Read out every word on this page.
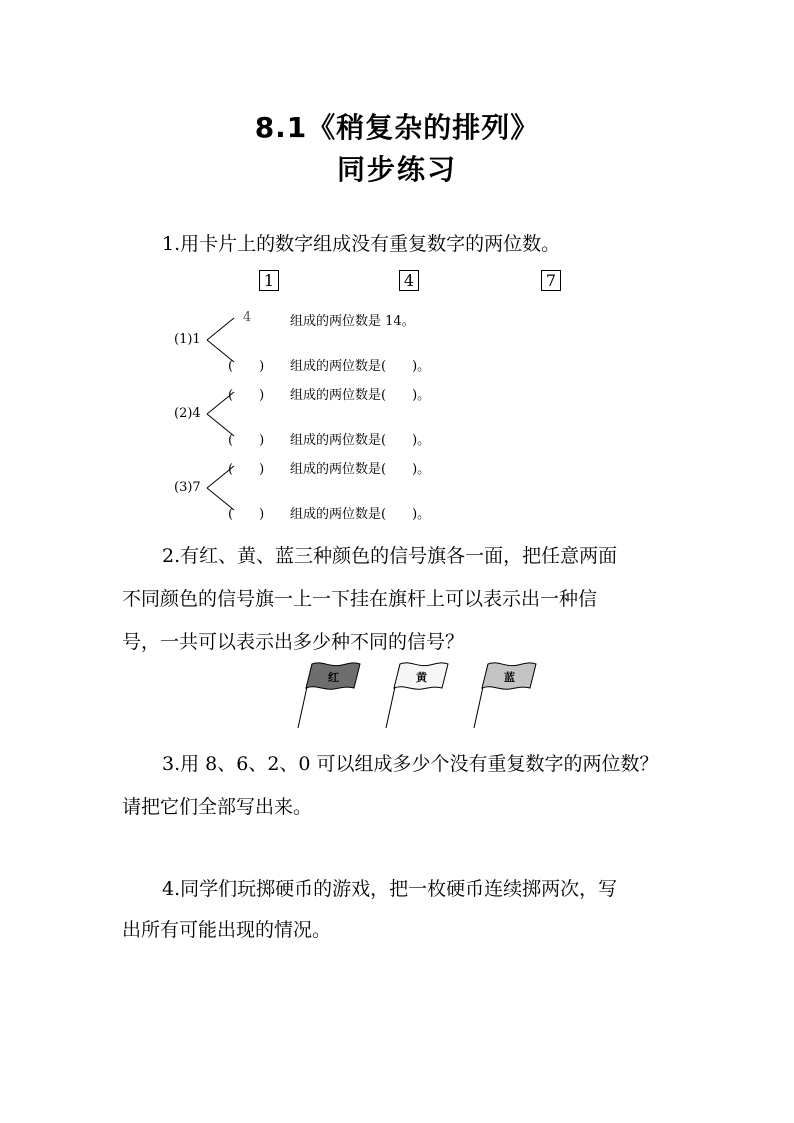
8.1《稍复杂的排列》
同步练习
1.用卡片上的数字组成没有重复数字的两位数。
1	4	7
(1)1
(2)4
(3)7
4	组成的两位数是 14。
(　　) 组成的两位数是(　　)。
(　　) 组成的两位数是(　　)。
(　　) 组成的两位数是(　　)。
(　　) 组成的两位数是(　　)。
(　　) 组成的两位数是(　　)。
2.有红、黄、蓝三种颜色的信号旗各一面，把任意两面
不同颜色的信号旗一上一下挂在旗杆上可以表示出一种信
号，一共可以表示出多少种不同的信号？
红	黄	蓝
3.用 8、6、2、0 可以组成多少个没有重复数字的两位数？
请把它们全部写出来。
4.同学们玩掷硬币的游戏，把一枚硬币连续掷两次，写
出所有可能出现的情况。
